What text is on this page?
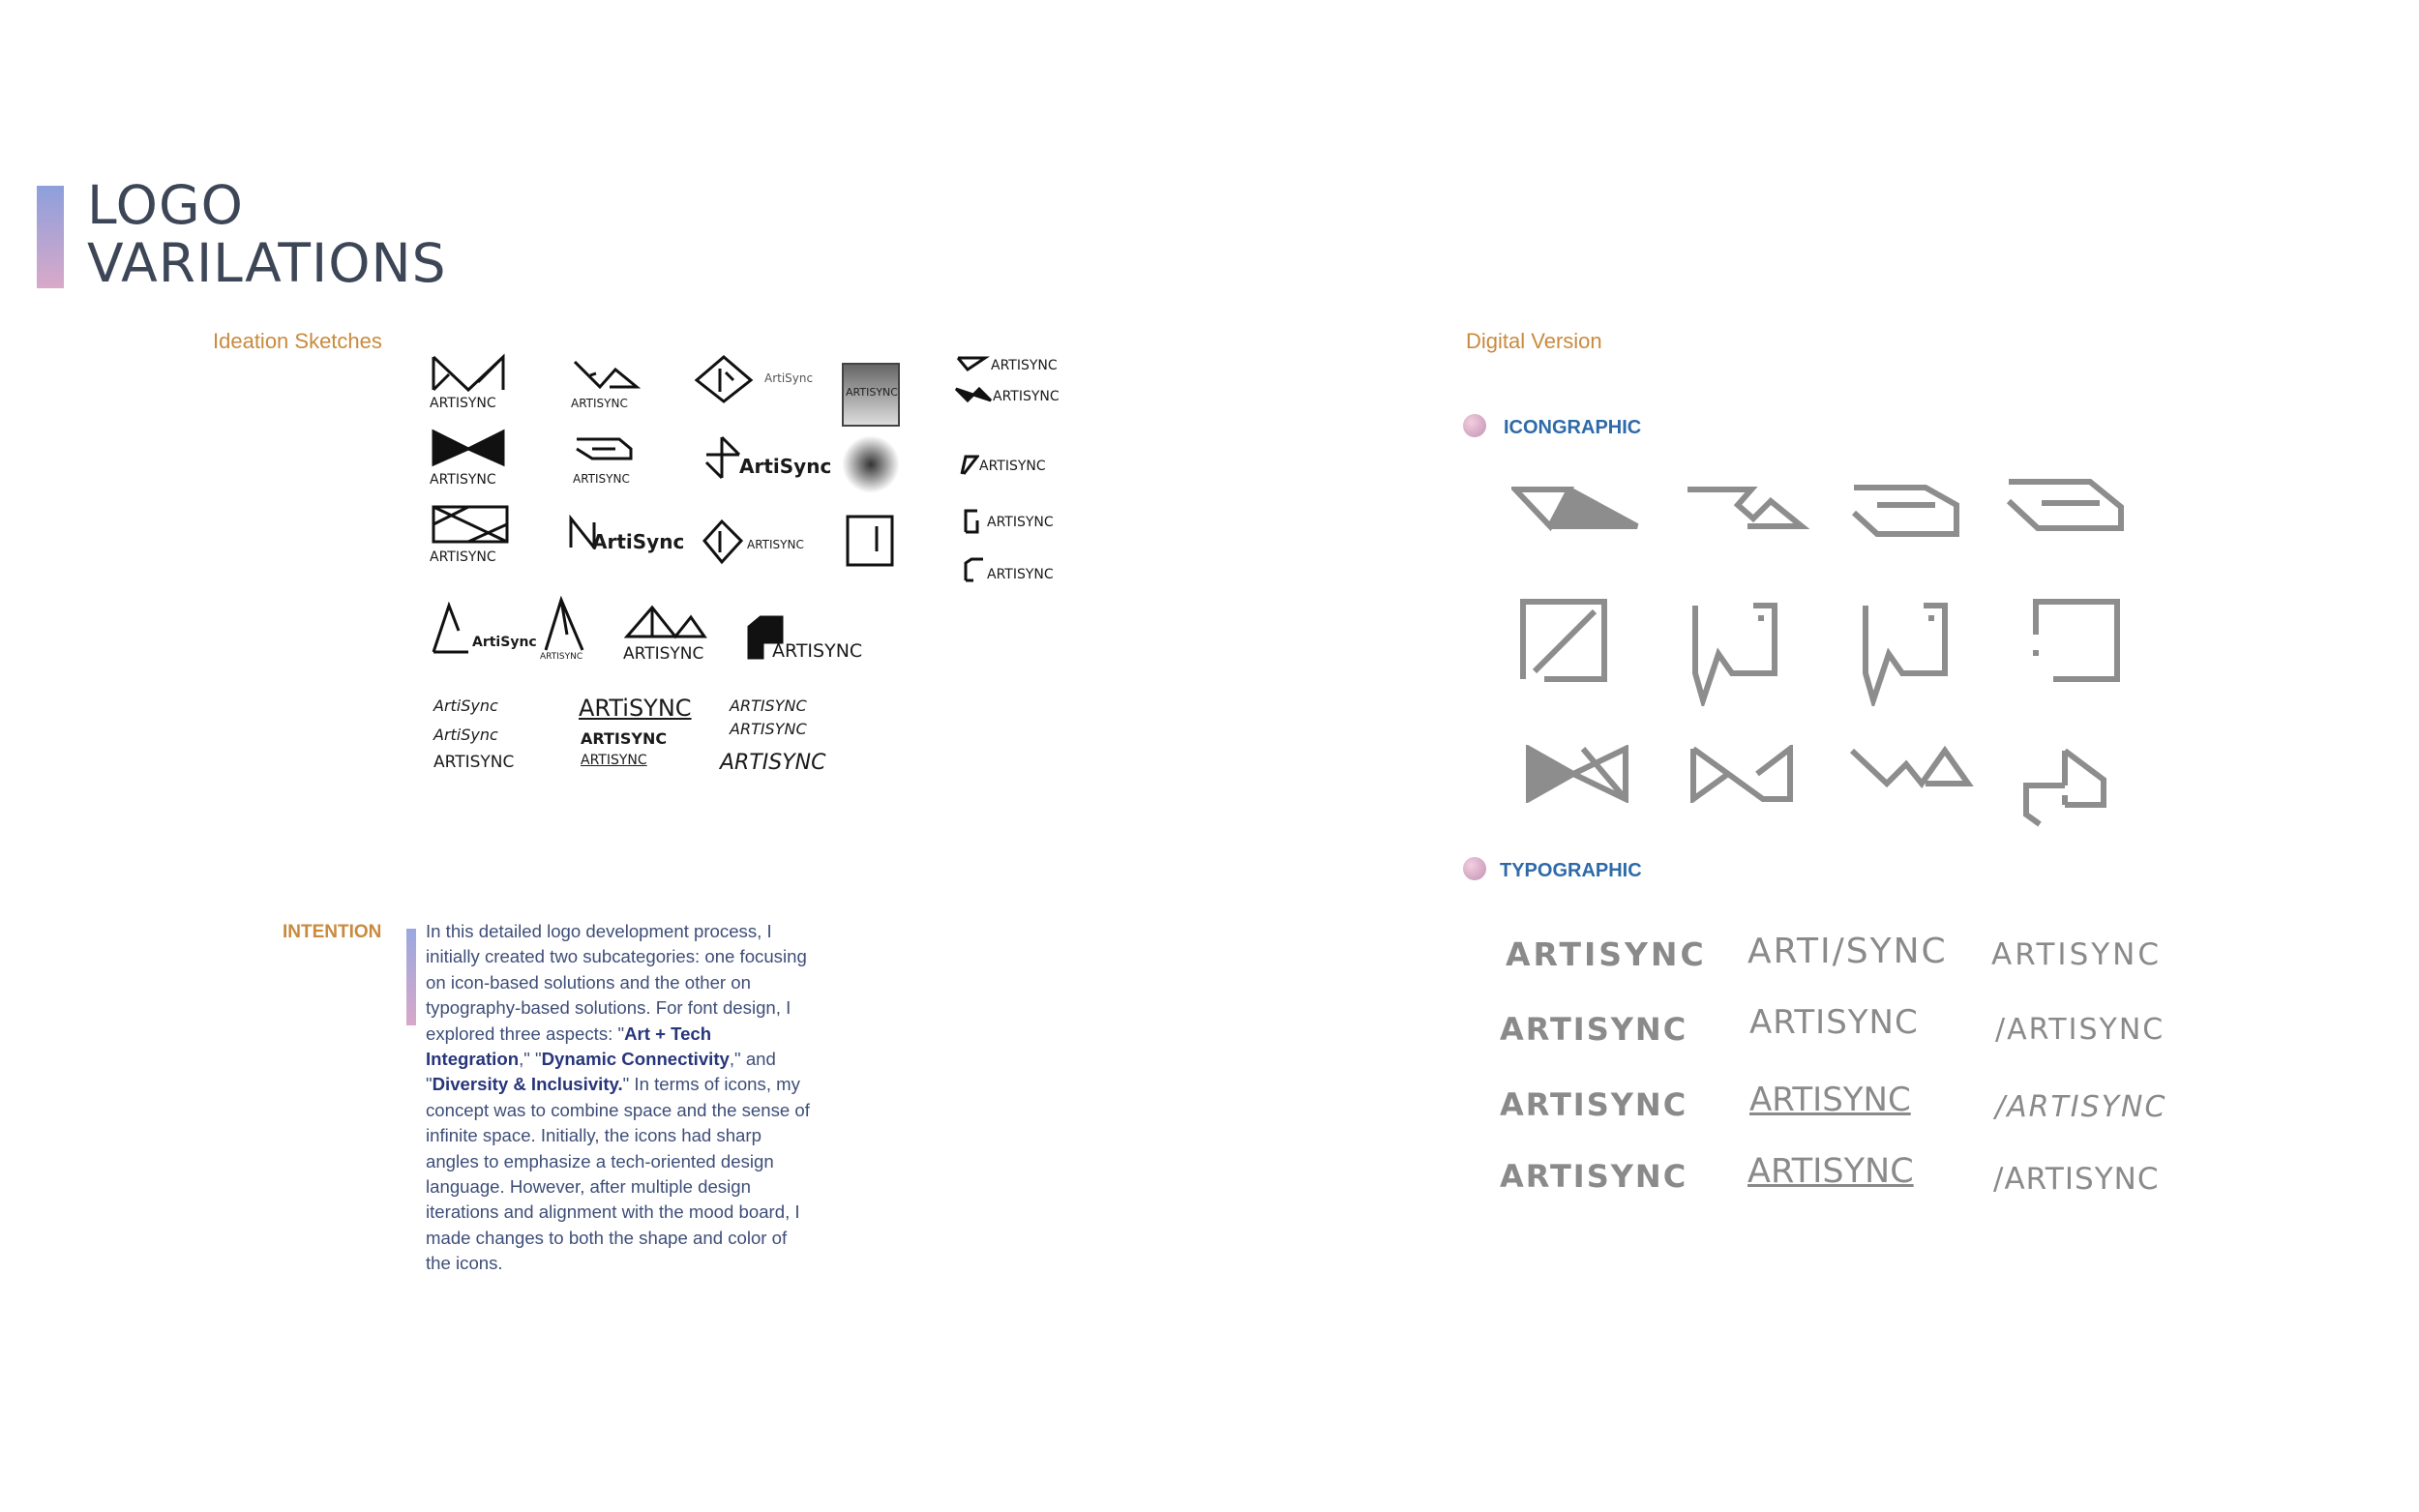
LOGO
VARILATIONS
Ideation Sketches
ARTISYNC	ARTISYNC
ArtiSync
ARTISYNC
ARTISYNC
ARTISYNC
ARTISYNC	ARTISYNC
ArtiSync	ARTISYNC
ARTISYNC
ArtiSync	ARTISYNC
ARTISYNC
ARTISYNC
ArtiSync
ARTISYNC	ARTISYNC	ARTISYNC
ArtiSync
ArtiSync
ARTISYNC
ARTiSYNC
ARTISYNC
ARTISYNC
ARTISYNC
ARTISYNC
ARTISYNC
INTENTION In this detailed logo development process, I initially created two subcategories: one focusing on icon-based solutions and the other on typography-based solutions. For font design, I explored three aspects: "Art + Tech Integration," "Dynamic Connectivity," and "Diversity & Inclusivity." In terms of icons, my concept was to combine space and the sense of infinite space. Initially, the icons had sharp angles to emphasize a tech-oriented design language. However, after multiple design iterations and alignment with the mood board, I made changes to both the shape and color of the icons.
Digital Version
ICONGRAPHIC
TYPOGRAPHIC
ARTISYNC ARTI/SYNC ARTISYNC
ARTISYNC ARTISYNC	/ARTISYNC
ARTISYNC ARTISYNC	/ARTISYNC
ARTISYNC ARTISYNC	/ARTISYNC
